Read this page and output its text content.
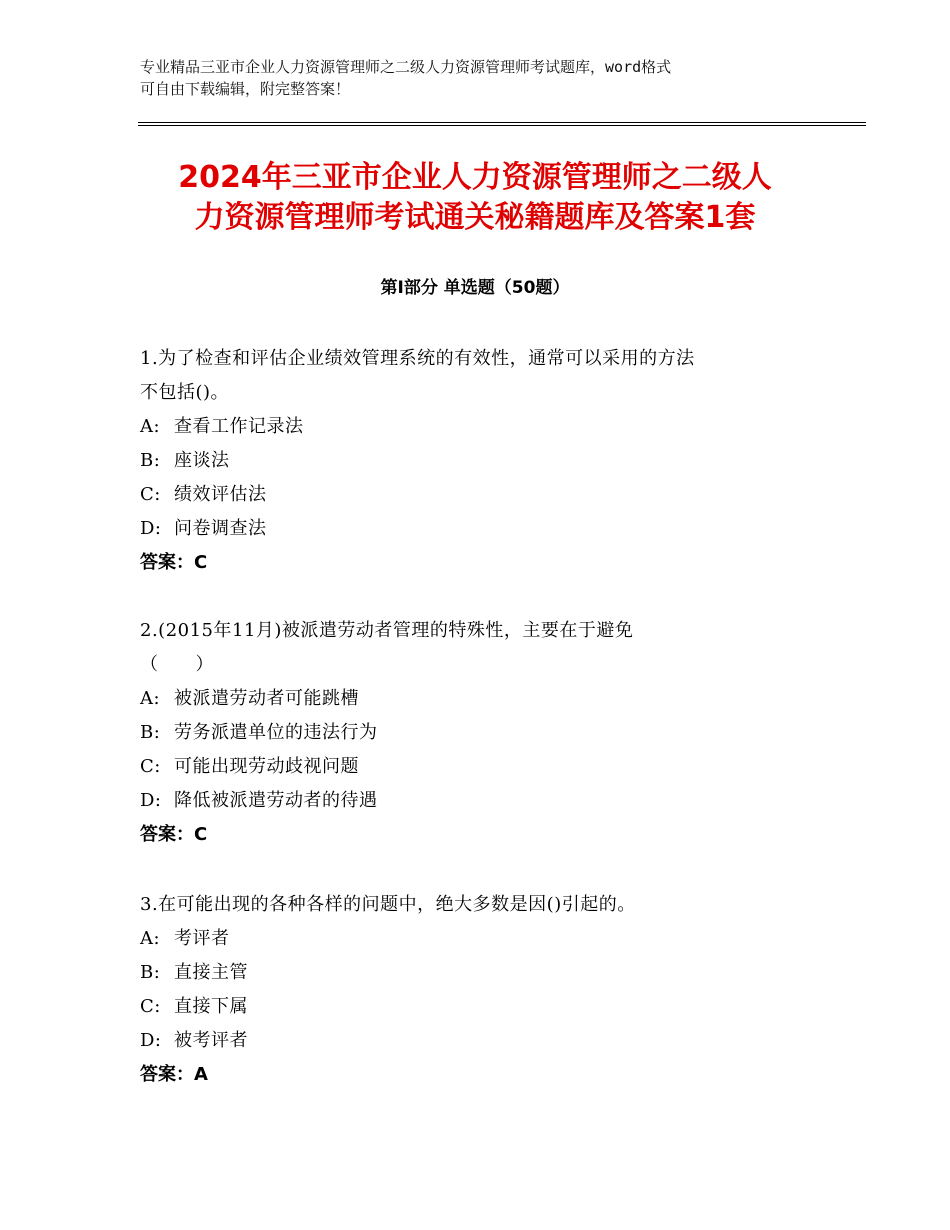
专业精品三亚市企业人力资源管理师之二级人力资源管理师考试题库，word格式
可自由下载编辑，附完整答案！
2024年三亚市企业人力资源管理师之二级人
力资源管理师考试通关秘籍题库及答案1套
第Ⅰ部分 单选题（50题）
1.为了检查和评估企业绩效管理系统的有效性，通常可以采用的方法
不包括()。
A: 查看工作记录法
B: 座谈法
C: 绩效评估法
D: 问卷调查法
答案：C
2.(2015年11月)被派遣劳动者管理的特殊性，主要在于避免
（　　）
A: 被派遣劳动者可能跳槽
B: 劳务派遣单位的违法行为
C: 可能出现劳动歧视问题
D: 降低被派遣劳动者的待遇
答案：C
3.在可能出现的各种各样的问题中，绝大多数是因()引起的。
A: 考评者
B: 直接主管
C: 直接下属
D: 被考评者
答案：A
